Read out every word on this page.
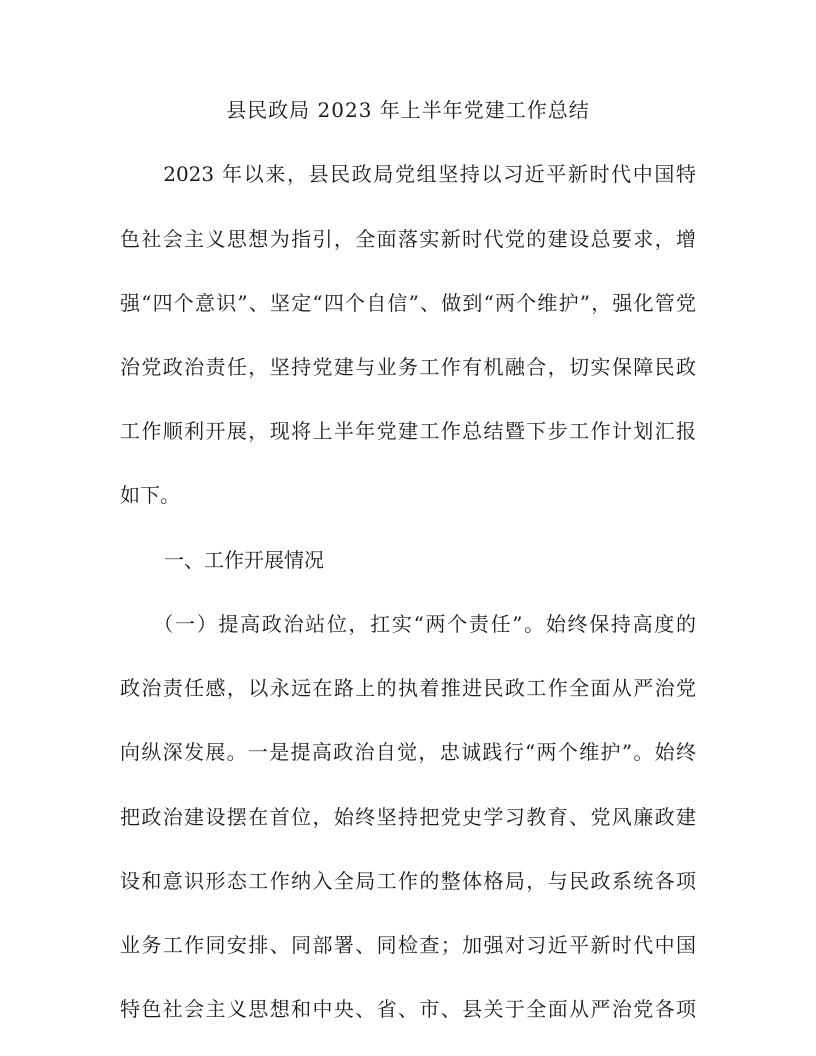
县民政局 2023 年上半年党建工作总结
　　2023 年以来，县民政局党组坚持以习近平新时代中国特
色社会主义思想为指引，全面落实新时代党的建设总要求，增
强“四个意识”、坚定“四个自信”、做到“两个维护”，强化管党
治党政治责任，坚持党建与业务工作有机融合，切实保障民政
工作顺利开展，现将上半年党建工作总结暨下步工作计划汇报
如下。
一、工作开展情况
　　（一）提高政治站位，扛实“两个责任”。始终保持高度的
政治责任感，以永远在路上的执着推进民政工作全面从严治党
向纵深发展。一是提高政治自觉，忠诚践行“两个维护”。始终
把政治建设摆在首位，始终坚持把党史学习教育、党风廉政建
设和意识形态工作纳入全局工作的整体格局，与民政系统各项
业务工作同安排、同部署、同检查；加强对习近平新时代中国
特色社会主义思想和中央、省、市、县关于全面从严治党各项
